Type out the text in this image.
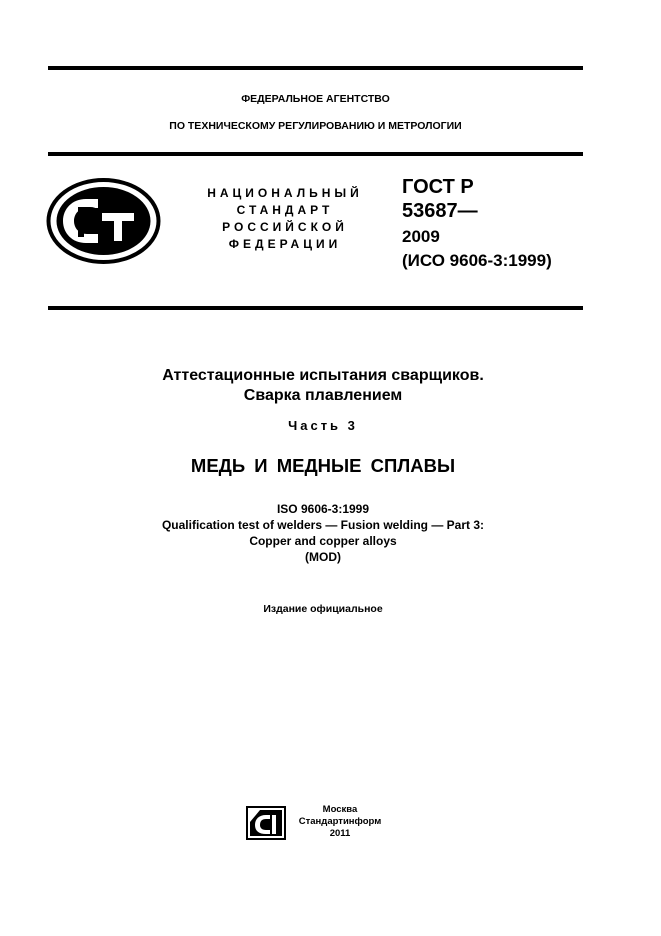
ФЕДЕРАЛЬНОЕ АГЕНТСТВО
ПО ТЕХНИЧЕСКОМУ РЕГУЛИРОВАНИЮ И МЕТРОЛОГИИ
НАЦИОНАЛЬНЫЙ
СТАНДАРТ
РОССИЙСКОЙ
ФЕДЕРАЦИИ
ГОСТ Р
53687—
2009
(ИСО 9606-3:1999)
Аттестационные испытания сварщиков.
Сварка плавлением
Часть 3
МЕДЬ И МЕДНЫЕ СПЛАВЫ
ISO 9606-3:1999
Qualification test of welders — Fusion welding — Part 3:
Copper and copper alloys
(MOD)
Издание официальное
Москва
Стандартинформ
2011
